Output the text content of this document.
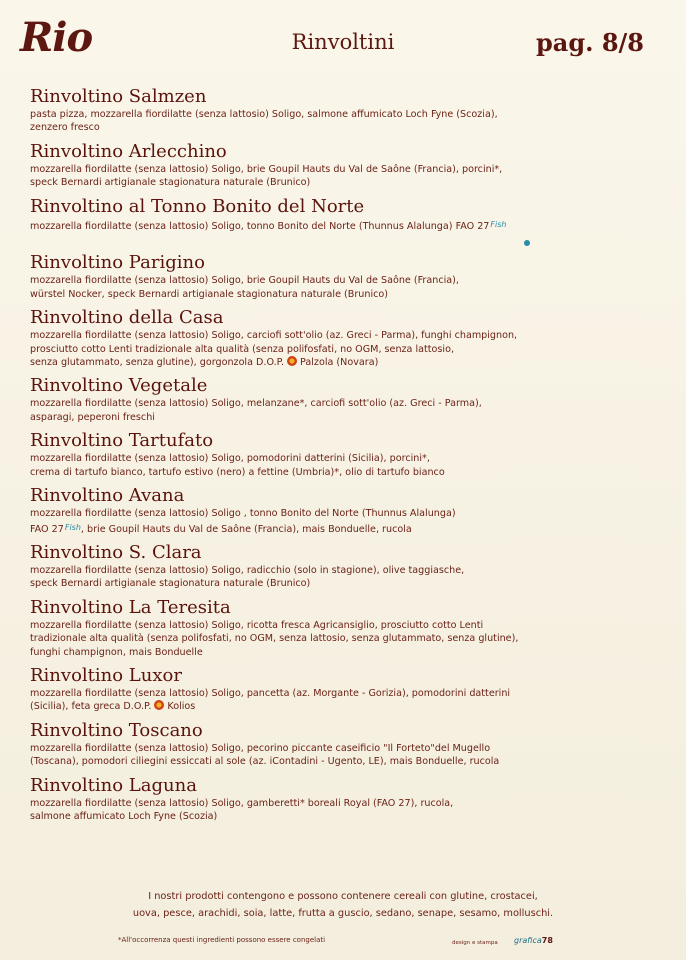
Rio	Rinvoltini	pag. 8/8
Rinvoltino Salmzen
pasta pizza, mozzarella fiordilatte (senza lattosio) Soligo, salmone affumicato Loch Fyne (Scozia),
zenzero fresco
Rinvoltino Arlecchino
mozzarella fiordilatte (senza lattosio) Soligo, brie Goupil Hauts du Val de Saône (Francia), porcini*,
speck Bernardi artigianale stagionatura naturale (Brunico)
Rinvoltino al Tonno Bonito del Norte
mozzarella fiordilatte (senza lattosio) Soligo, tonno Bonito del Norte (Thunnus Alalunga) FAO 27Fish
Rinvoltino Parigino
mozzarella fiordilatte (senza lattosio) Soligo, brie Goupil Hauts du Val de Saône (Francia),
würstel Nocker, speck Bernardi artigianale stagionatura naturale (Brunico)
Rinvoltino della Casa
mozzarella fiordilatte (senza lattosio) Soligo, carciofi sott'olio (az. Greci - Parma), funghi champignon,
prosciutto cotto Lenti tradizionale alta qualità (senza polifosfati, no OGM, senza lattosio,
senza glutammato, senza glutine), gorgonzola D.O.P. Palzola (Novara)
Rinvoltino Vegetale
mozzarella fiordilatte (senza lattosio) Soligo, melanzane*, carciofi sott'olio (az. Greci - Parma),
asparagi, peperoni freschi
Rinvoltino Tartufato
mozzarella fiordilatte (senza lattosio) Soligo, pomodorini datterini (Sicilia), porcini*,
crema di tartufo bianco, tartufo estivo (nero) a fettine (Umbria)*, olio di tartufo bianco
Rinvoltino Avana
mozzarella fiordilatte (senza lattosio) Soligo , tonno Bonito del Norte (Thunnus Alalunga)
FAO 27Fish, brie Goupil Hauts du Val de Saône (Francia), mais Bonduelle, rucola
Rinvoltino S. Clara
mozzarella fiordilatte (senza lattosio) Soligo, radicchio (solo in stagione), olive taggiasche,
speck Bernardi artigianale stagionatura naturale (Brunico)
Rinvoltino La Teresita
mozzarella fiordilatte (senza lattosio) Soligo, ricotta fresca Agricansiglio, prosciutto cotto Lenti
tradizionale alta qualità (senza polifosfati, no OGM, senza lattosio, senza glutammato, senza glutine),
funghi champignon, mais Bonduelle
Rinvoltino Luxor
mozzarella fiordilatte (senza lattosio) Soligo, pancetta (az. Morgante - Gorizia), pomodorini datterini
(Sicilia), feta greca D.O.P. Kolios
Rinvoltino Toscano
mozzarella fiordilatte (senza lattosio) Soligo, pecorino piccante caseificio "Il Forteto"del Mugello
(Toscana), pomodori ciliegini essiccati al sole (az. iContadini - Ugento, LE), mais Bonduelle, rucola
Rinvoltino Laguna
mozzarella fiordilatte (senza lattosio) Soligo, gamberetti* boreali Royal (FAO 27), rucola,
salmone affumicato Loch Fyne (Scozia)
I nostri prodotti contengono e possono contenere cereali con glutine, crostacei,
uova, pesce, arachidi, soia, latte, frutta a guscio, sedano, senape, sesamo, molluschi.
*All'occorrenza questi ingredienti possono essere congelati	design e stampa grafica78
